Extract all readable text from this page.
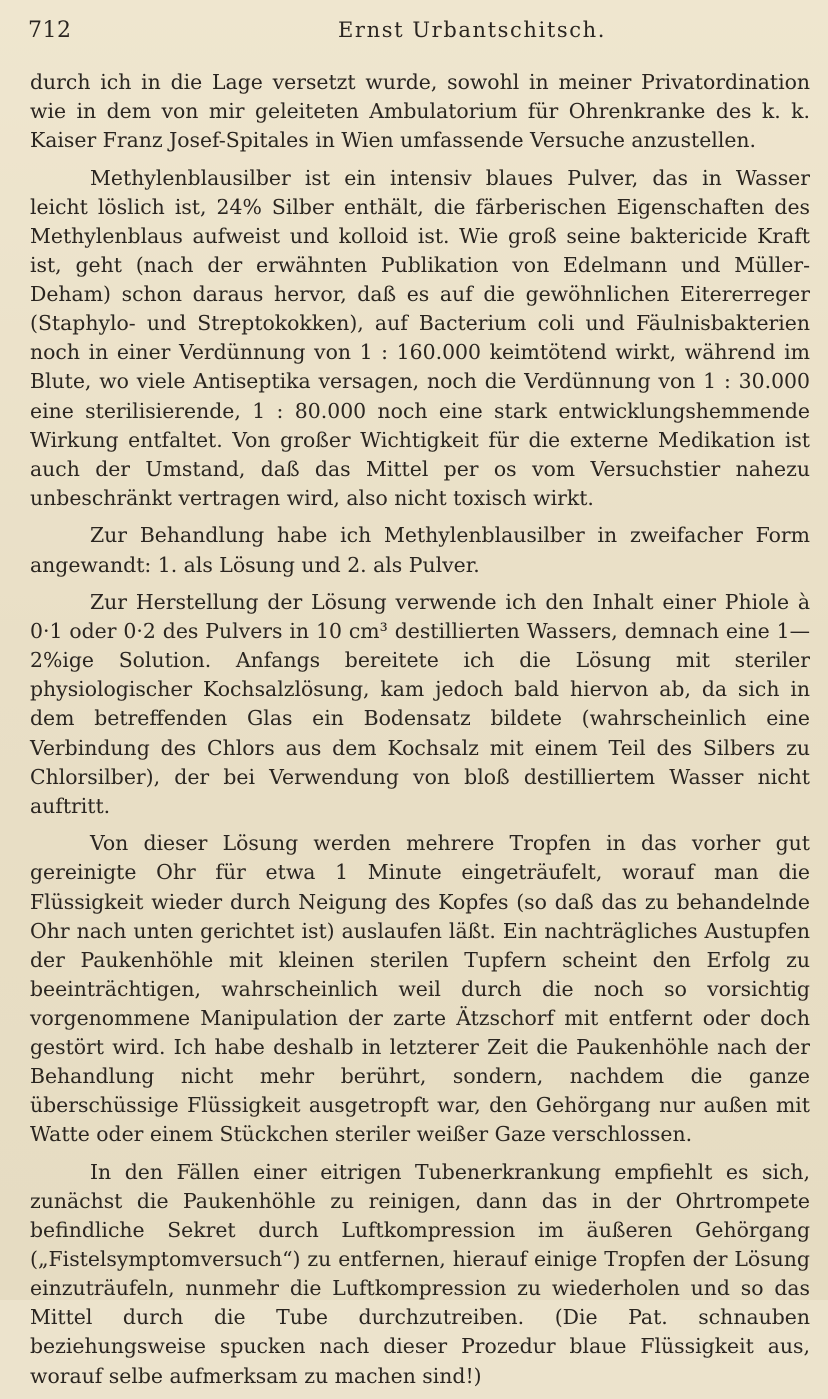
712	Ernst Urbantschitsch.

durch ich in die Lage versetzt wurde, sowohl in meiner Privatordination wie in dem von mir geleiteten Ambulatorium für Ohrenkranke des k. k. Kaiser Franz Josef-Spitales in Wien umfassende Versuche anzustellen.

Methylenblausilber ist ein intensiv blaues Pulver, das in Wasser leicht löslich ist, 24% Silber enthält, die färberischen Eigenschaften des Methylenblaus aufweist und kolloid ist. Wie groß seine baktericide Kraft ist, geht (nach der erwähnten Publikation von Edelmann und Müller-Deham) schon daraus hervor, daß es auf die gewöhnlichen Eitererreger (Staphylo- und Streptokokken), auf Bacterium coli und Fäulnisbakterien noch in einer Verdünnung von 1 : 160.000 keimtötend wirkt, während im Blute, wo viele Antiseptika versagen, noch die Verdünnung von 1 : 30.000 eine sterilisierende, 1 : 80.000 noch eine stark entwicklungshemmende Wirkung entfaltet. Von großer Wichtigkeit für die externe Medikation ist auch der Umstand, daß das Mittel per os vom Versuchstier nahezu unbeschränkt vertragen wird, also nicht toxisch wirkt.

Zur Behandlung habe ich Methylenblausilber in zweifacher Form angewandt: 1. als Lösung und 2. als Pulver.

Zur Herstellung der Lösung verwende ich den Inhalt einer Phiole à 0·1 oder 0·2 des Pulvers in 10 cm³ destillierten Wassers, demnach eine 1—2%ige Solution. Anfangs bereitete ich die Lösung mit steriler physiologischer Kochsalzlösung, kam jedoch bald hiervon ab, da sich in dem betreffenden Glas ein Bodensatz bildete (wahrscheinlich eine Verbindung des Chlors aus dem Kochsalz mit einem Teil des Silbers zu Chlorsilber), der bei Verwendung von bloß destilliertem Wasser nicht auftritt.

Von dieser Lösung werden mehrere Tropfen in das vorher gut gereinigte Ohr für etwa 1 Minute eingeträufelt, worauf man die Flüssigkeit wieder durch Neigung des Kopfes (so daß das zu behandelnde Ohr nach unten gerichtet ist) auslaufen läßt. Ein nachträgliches Austupfen der Paukenhöhle mit kleinen sterilen Tupfern scheint den Erfolg zu beeinträchtigen, wahrscheinlich weil durch die noch so vorsichtig vorgenommene Manipulation der zarte Ätzschorf mit entfernt oder doch gestört wird. Ich habe deshalb in letzterer Zeit die Paukenhöhle nach der Behandlung nicht mehr berührt, sondern, nachdem die ganze überschüssige Flüssigkeit ausgetropft war, den Gehörgang nur außen mit Watte oder einem Stückchen steriler weißer Gaze verschlossen.

In den Fällen einer eitrigen Tubenerkrankung empfiehlt es sich, zunächst die Paukenhöhle zu reinigen, dann das in der Ohrtrompete befindliche Sekret durch Luftkompression im äußeren Gehörgang („Fistelsymptomversuch“) zu entfernen, hierauf einige Tropfen der Lösung einzuträufeln, nunmehr die Luftkompression zu wiederholen und so das Mittel durch die Tube durchzutreiben. (Die Pat. schnauben beziehungsweise spucken nach dieser Prozedur blaue Flüssigkeit aus, worauf selbe aufmerksam zu machen sind!)
